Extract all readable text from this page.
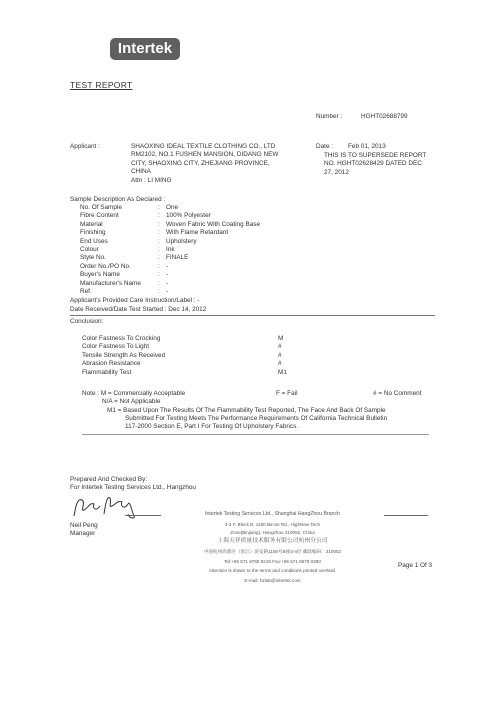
Intertek
TEST REPORT
Number :	HGHT02688799
Applicant :	SHAOXING IDEAL TEXTILE CLOTHING CO., LTD
RM2102, NO.1 FUSHEN MANSION, DIDANG NEW
CITY, SHAOXING CITY, ZHEJIANG PROVINCE,
CHINA
Attn : LI MING
Date : Feb 01, 2013
THIS IS TO SUPERSEDE REPORT
NO. HGHT02628429 DATED DEC
27, 2012
Sample Description As Declared :
No. Of Sample	: One
Fibre Content	: 100% Polyester
Material	: Woven Fabric With Coating Base
Finishing	: With Flame Retardant
End Uses	: Upholstery
Colour	: Ink
Style No.	: FINALE
Order No./PO No.	: -
Buyer's Name	: -
Manufacturer's Name	: -
Ref.	: -
Applicant's Provided Care Instruction/Label : -
Date Received/Date Test Started : Dec 14, 2012
Conclusion:
Color Fastness To Crocking	M
Color Fastness To Light	#
Tensile Strength As Received	#
Abrasion Resistance	#
Flammability Test	M1
Note : M = Commercially Acceptable	F = Fail	# = No Comment
N/A = Not Applicable
M1 = Based Upon The Results Of The Flammability Test Reported, The Face And Back Of Sample
Submitted For Testing Meets The Performance Requirements Of California Technical Bulletin
117-2000 Section E, Part I For Testing Of Upholstery Fabrics.
Prepared And Checked By:
For Intertek Testing Services Ltd., Hangzhou
Neil Peng
Manager
Intertek Testing Services Ltd., Shanghai HangZhou Branch
3-4 F, Block B, 1180 Bin'an Rd., HighNew Tech
Zone(Binjiang), Hangzhou 310052, China
上海天祥质量技术服务有限公司杭州分公司
中国杭州高新区（滨江）滨安路1180号B座3-4层 邮政编码：310052
Tel:+86 571 8768 8218 Fax:+86 571 8679 0280
Attention is drawn to the terms and conditions printed overleaf.
E-mail: hzlab@intertek.com
Page 1 Of 3
